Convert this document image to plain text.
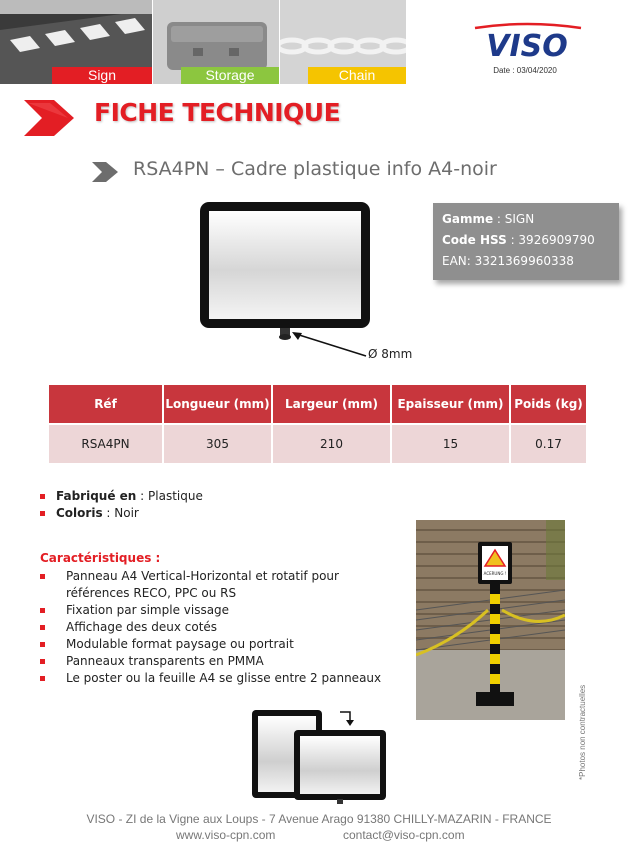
Sign	Storage	Chain
VISO
Date : 03/04/2020
FICHE TECHNIQUE
RSA4PN – Cadre plastique info A4-noir
Ø 8mm
Gamme : SIGN
Code HSS : 3926909790
EAN: 3321369960338
Réf	Longueur (mm)	Largeur (mm)	Epaisseur (mm)	Poids (kg)
RSA4PN	305	210	15	0.17
Fabriqué en : Plastique
Coloris : Noir
Caractéristiques :
Panneau A4 Vertical-Horizontal et rotatif pour références RECO, PPC ou RS
Fixation par simple vissage
Affichage des deux cotés
Modulable format paysage ou portrait
Panneaux transparents en PMMA
Le poster ou la feuille A4 se glisse entre 2 panneaux
ACERUNG !
*Photos non contractuelles
VISO - ZI de la Vigne aux Loups - 7 Avenue Arago 91380 CHILLY-MAZARIN - FRANCE
www.viso-cpn.com	contact@viso-cpn.com
